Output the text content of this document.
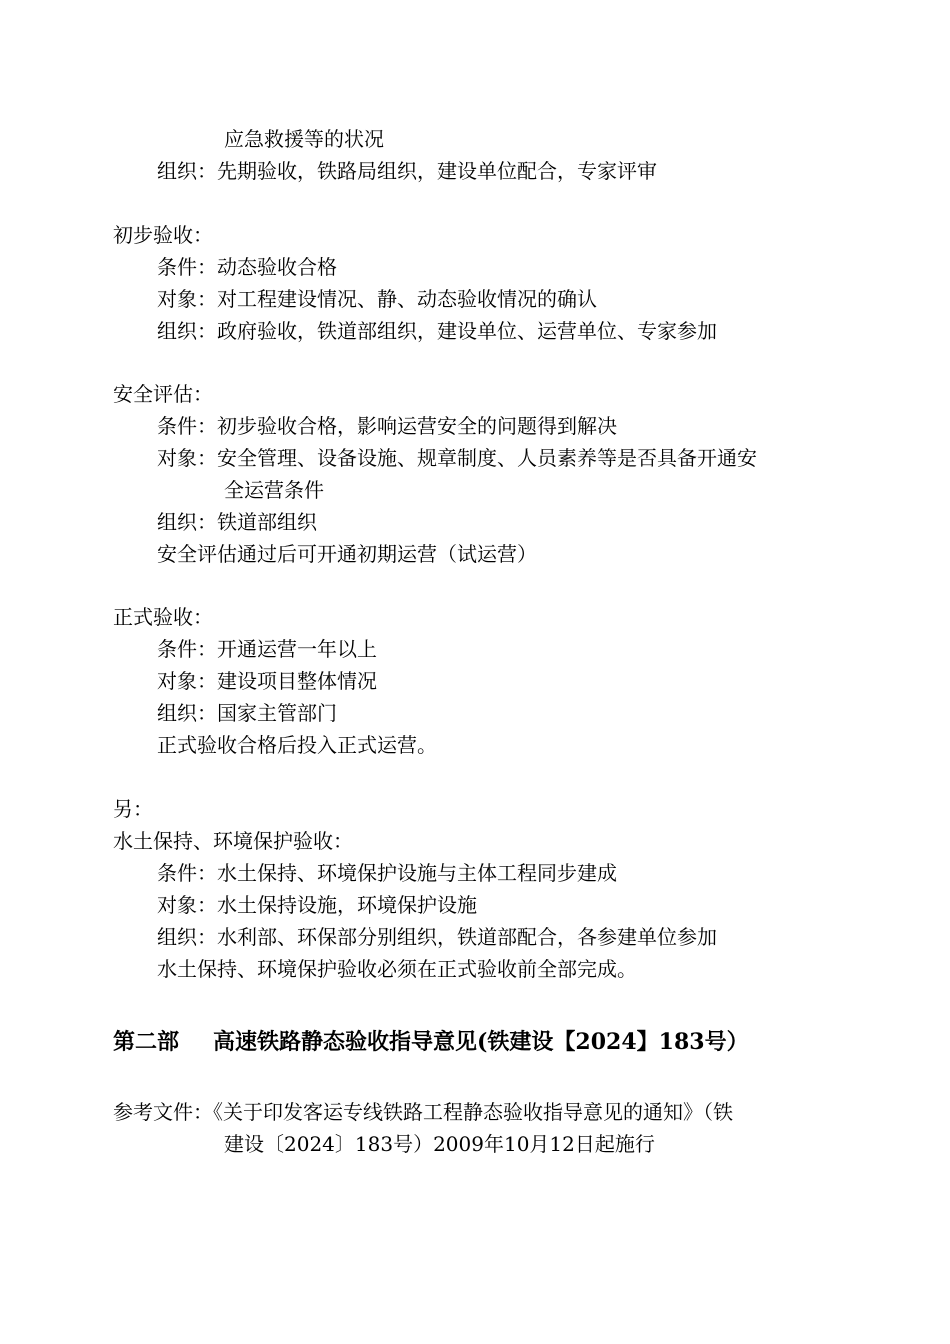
应急救援等的状况
组织：先期验收，铁路局组织，建设单位配合，专家评审
初步验收：
条件：动态验收合格
对象：对工程建设情况、静、动态验收情况的确认
组织：政府验收，铁道部组织，建设单位、运营单位、专家参加
安全评估：
条件：初步验收合格，影响运营安全的问题得到解决
对象：安全管理、设备设施、规章制度、人员素养等是否具备开通安
全运营条件
组织：铁道部组织
安全评估通过后可开通初期运营（试运营）
正式验收：
条件：开通运营一年以上
对象：建设项目整体情况
组织：国家主管部门
正式验收合格后投入正式运营。
另：
水土保持、环境保护验收：
条件：水土保持、环境保护设施与主体工程同步建成
对象：水土保持设施，环境保护设施
组织：水利部、环保部分别组织，铁道部配合，各参建单位参加
水土保持、环境保护验收必须在正式验收前全部完成。
第二部 高速铁路静态验收指导意见(铁建设【2024】183号）
参考文件：《关于印发客运专线铁路工程静态验收指导意见的通知》（铁
建设〔2024〕183号）2009年10月12日起施行
